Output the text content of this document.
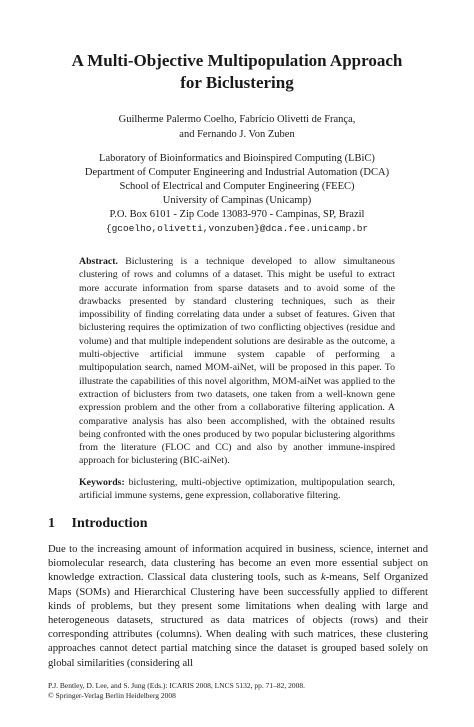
A Multi-Objective Multipopulation Approach
for Biclustering
Guilherme Palermo Coelho, Fabrício Olivetti de França,
and Fernando J. Von Zuben
Laboratory of Bioinformatics and Bioinspired Computing (LBiC)
Department of Computer Engineering and Industrial Automation (DCA)
School of Electrical and Computer Engineering (FEEC)
University of Campinas (Unicamp)
P.O. Box 6101 - Zip Code 13083-970 - Campinas, SP, Brazil
{gcoelho,olivetti,vonzuben}@dca.fee.unicamp.br
Abstract. Biclustering is a technique developed to allow simultaneous clustering of rows and columns of a dataset. This might be useful to extract more accurate information from sparse datasets and to avoid some of the drawbacks presented by standard clustering techniques, such as their impossibility of finding correlating data under a subset of features. Given that biclustering requires the optimization of two conflicting objectives (residue and volume) and that multiple independent solutions are desirable as the outcome, a multi-objective artificial immune system capable of performing a multipopulation search, named MOM-aiNet, will be proposed in this paper. To illustrate the capabilities of this novel algorithm, MOM-aiNet was applied to the extraction of biclusters from two datasets, one taken from a well-known gene expression problem and the other from a collaborative filtering application. A comparative analysis has also been accomplished, with the obtained results being confronted with the ones produced by two popular biclustering algorithms from the literature (FLOC and CC) and also by another immune-inspired approach for biclustering (BIC-aiNet).
Keywords: biclustering, multi-objective optimization, multipopulation search, artificial immune systems, gene expression, collaborative filtering.
1 Introduction
Due to the increasing amount of information acquired in business, science, internet and biomolecular research, data clustering has become an even more essential subject on knowledge extraction. Classical data clustering tools, such as k-means, Self Organized Maps (SOMs) and Hierarchical Clustering have been successfully applied to different kinds of problems, but they present some limitations when dealing with large and heterogeneous datasets, structured as data matrices of objects (rows) and their corresponding attributes (columns). When dealing with such matrices, these clustering approaches cannot detect partial matching since the dataset is grouped based solely on global similarities (considering all
P.J. Bentley, D. Lee, and S. Jung (Eds.): ICARIS 2008, LNCS 5132, pp. 71–82, 2008.
© Springer-Verlag Berlin Heidelberg 2008
